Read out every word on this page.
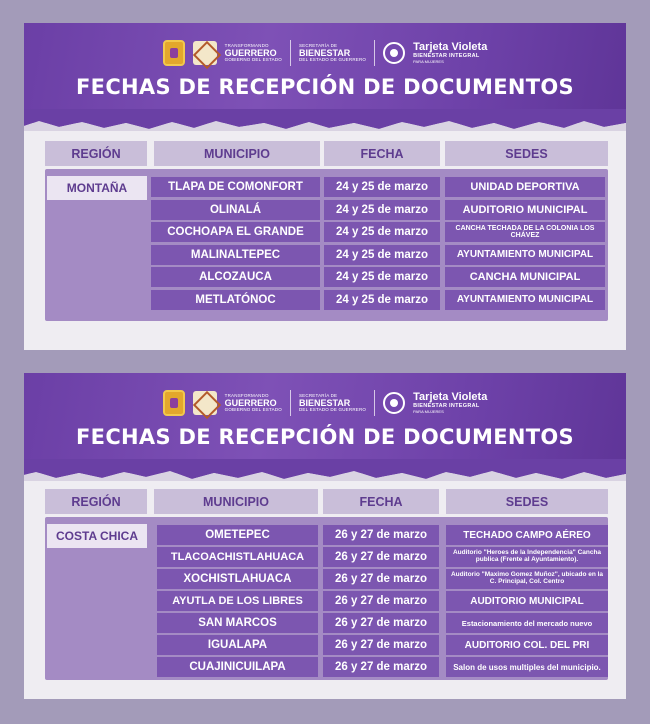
TRANSFORMANDO
GUERRERO
GOBIERNO DEL ESTADO
SECRETARÍA DE
BIENESTAR
DEL ESTADO DE GUERRERO
Tarjeta Violeta
BIENESTAR INTEGRAL
PARA MUJERES
FECHAS DE RECEPCIÓN DE DOCUMENTOS
REGIÓN	MUNICIPIO	FECHA	SEDES
MONTAÑA	TLAPA DE COMONFORT	24 y 25 de marzo	UNIDAD DEPORTIVA
OLINALÁ	24 y 25 de marzo	AUDITORIO MUNICIPAL
COCHOAPA EL GRANDE	24 y 25 de marzo	CANCHA TECHADA DE LA COLONIA LOS CHÁVEZ
MALINALTEPEC	24 y 25 de marzo	AYUNTAMIENTO MUNICIPAL
ALCOZAUCA	24 y 25 de marzo	CANCHA MUNICIPAL
METLATÓNOC	24 y 25 de marzo	AYUNTAMIENTO MUNICIPAL
TRANSFORMANDO
GUERRERO
GOBIERNO DEL ESTADO
SECRETARÍA DE
BIENESTAR
DEL ESTADO DE GUERRERO
Tarjeta Violeta
BIENESTAR INTEGRAL
PARA MUJERES
FECHAS DE RECEPCIÓN DE DOCUMENTOS
REGIÓN	MUNICIPIO	FECHA	SEDES
COSTA CHICA	OMETEPEC	26 y 27 de marzo	TECHADO CAMPO AÉREO
TLACOACHISTLAHUACA	26 y 27 de marzo	Auditorio "Heroes de la Independencia" Cancha publica (Frente al Ayuntamiento).
XOCHISTLAHUACA	26 y 27 de marzo	Auditorio "Maximo Gomez Muñoz", ubicado en la C. Principal, Col. Centro
AYUTLA DE LOS LIBRES	26 y 27 de marzo	AUDITORIO MUNICIPAL
SAN MARCOS	26 y 27 de marzo	Estacionamiento del mercado nuevo
IGUALAPA	26 y 27 de marzo	AUDITORIO COL. DEL PRI
CUAJINICUILAPA	26 y 27 de marzo	Salon de usos multiples del municipio.
